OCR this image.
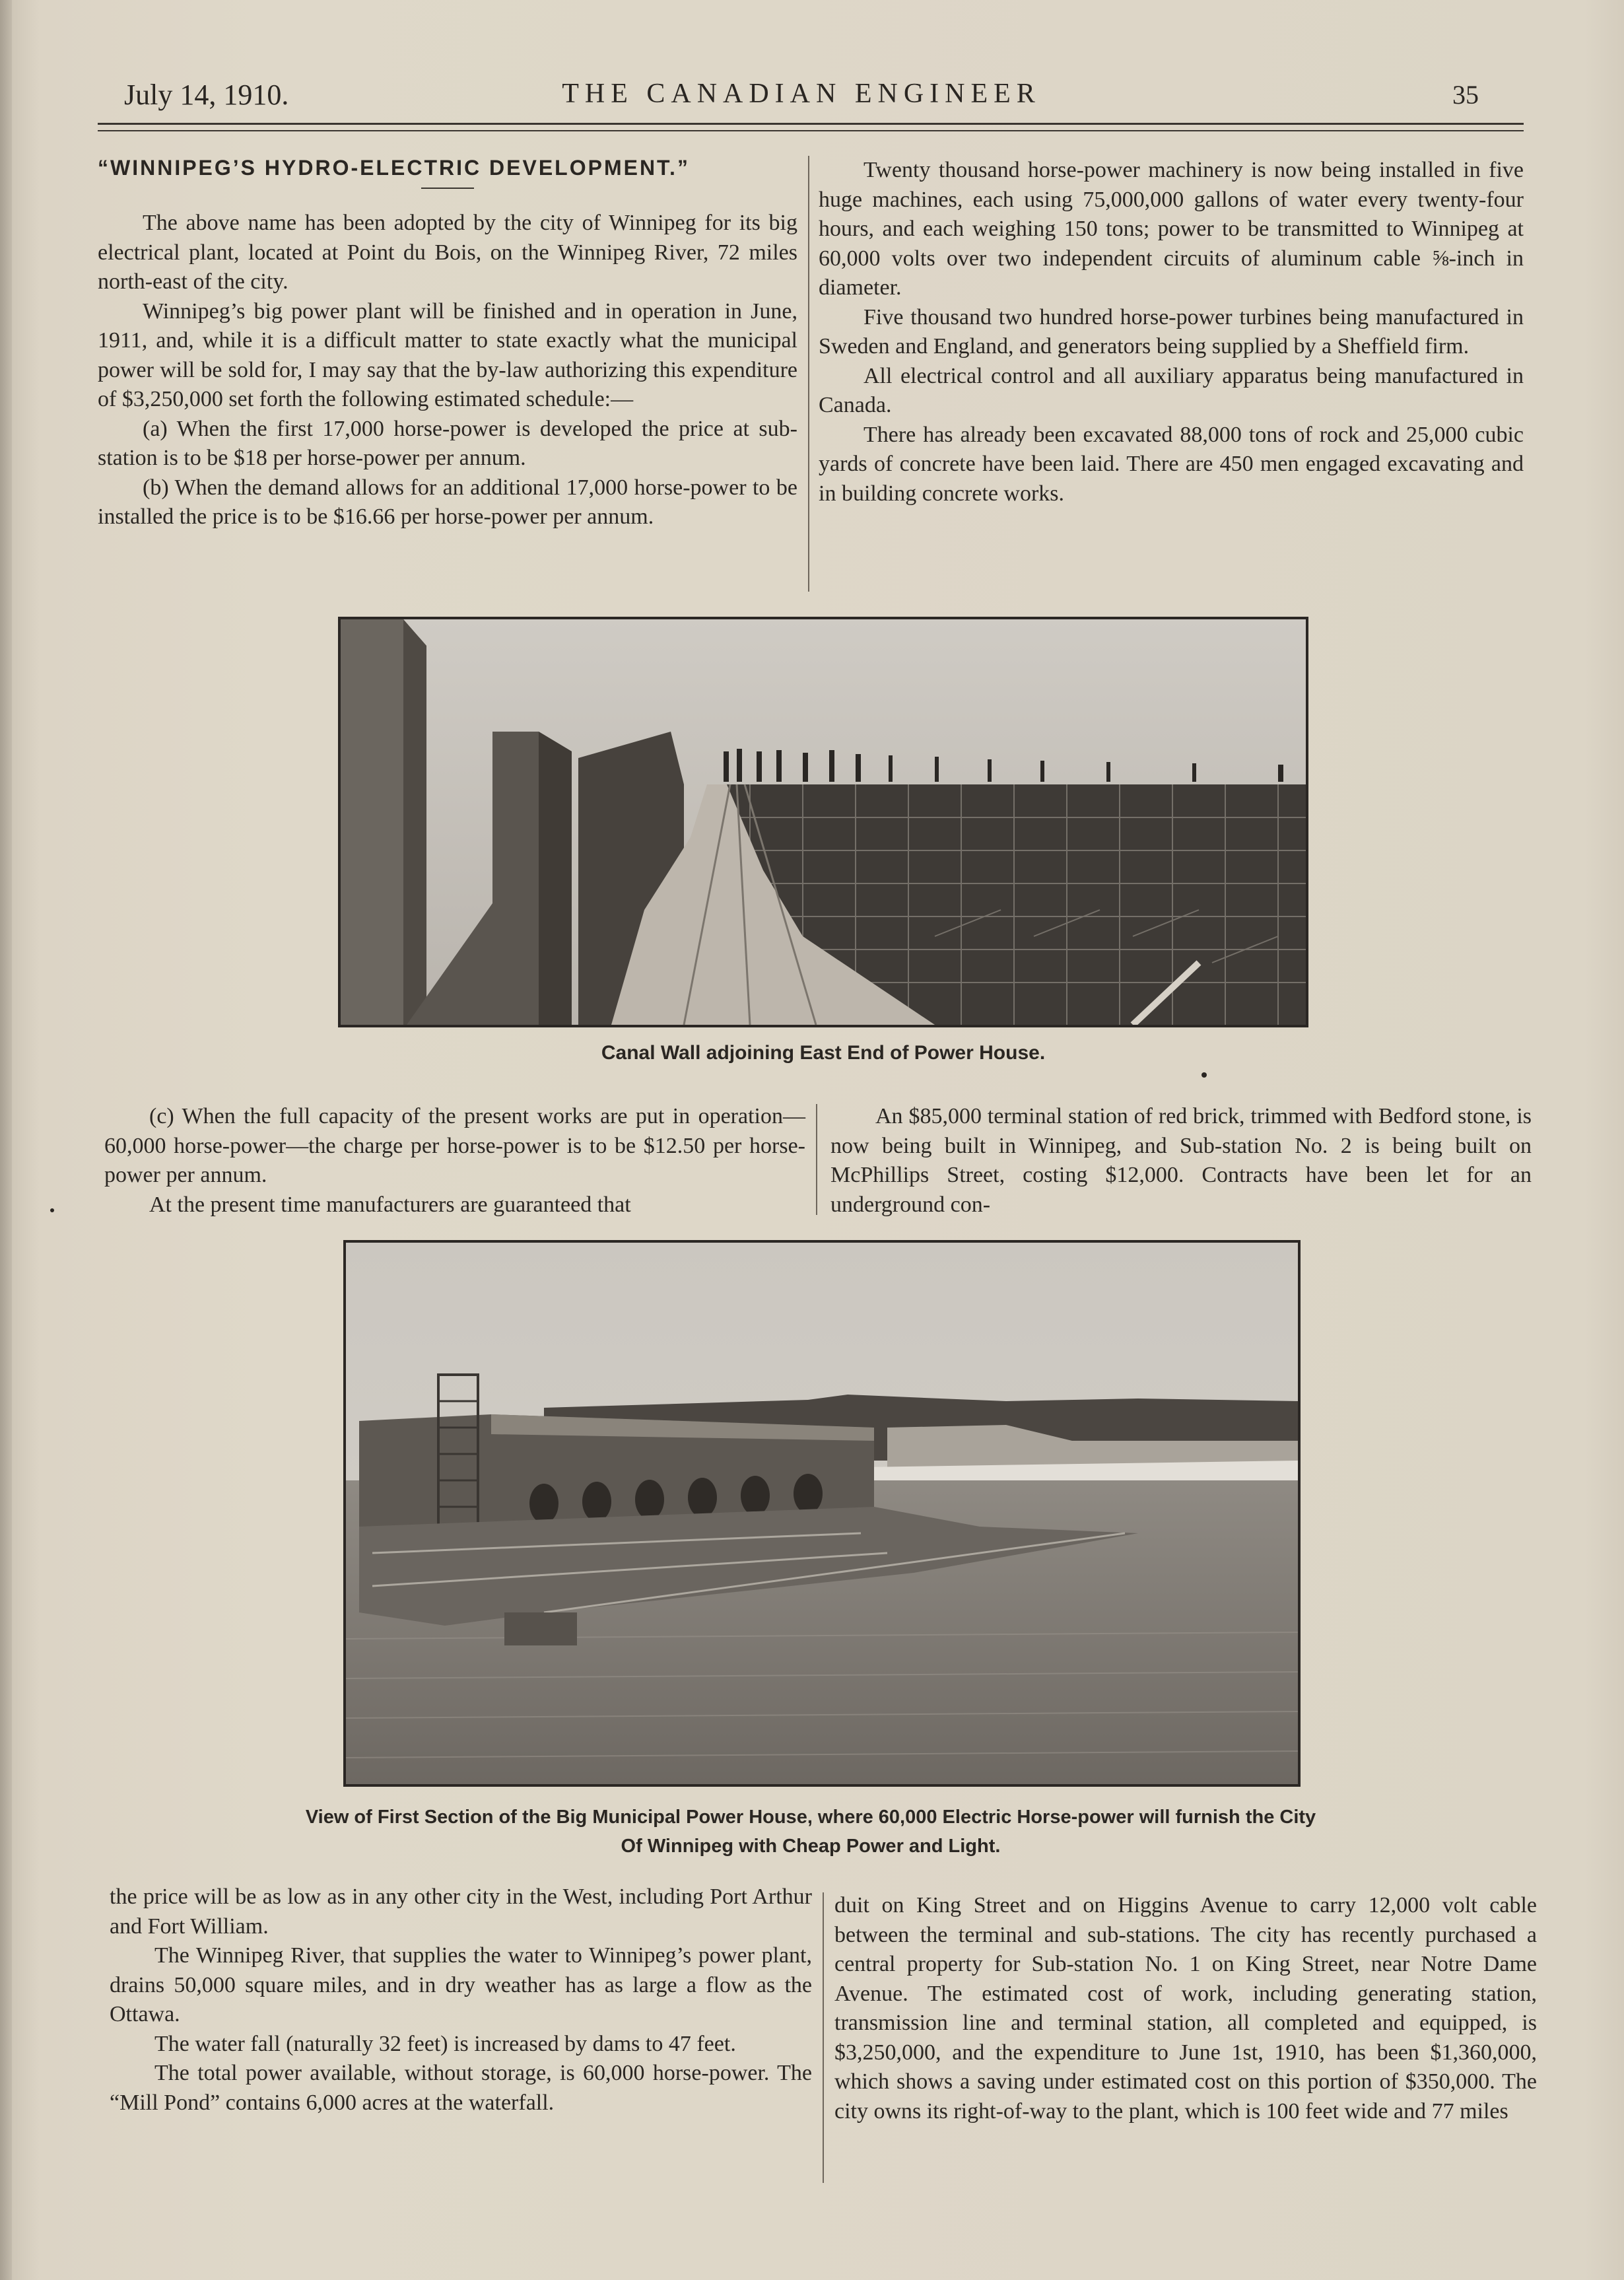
July 14, 1910.	THE CANADIAN ENGINEER	35
“WINNIPEG’S HYDRO-ELECTRIC DEVELOPMENT.”

The above name has been adopted by the city of Winnipeg for its big electrical plant, located at Point du Bois, on the Winnipeg River, 72 miles north-east of the city.

Winnipeg’s big power plant will be finished and in operation in June, 1911, and, while it is a difficult matter to state exactly what the municipal power will be sold for, I may say that the by-law authorizing this expenditure of $3,250,000 set forth the following estimated schedule:—

(a) When the first 17,000 horse-power is developed the price at sub-station is to be $18 per horse-power per annum.

(b) When the demand allows for an additional 17,000 horse-power to be installed the price is to be $16.66 per horse-power per annum.

Twenty thousand horse-power machinery is now being installed in five huge machines, each using 75,000,000 gallons of water every twenty-four hours, and each weighing 150 tons; power to be transmitted to Winnipeg at 60,000 volts over two independent circuits of aluminum cable ⅝-inch in diameter.

Five thousand two hundred horse-power turbines being manufactured in Sweden and England, and generators being supplied by a Sheffield firm.

All electrical control and all auxiliary apparatus being manufactured in Canada.

There has already been excavated 88,000 tons of rock and 25,000 cubic yards of concrete have been laid. There are 450 men engaged excavating and in building concrete works.

Canal Wall adjoining East End of Power House.

(c) When the full capacity of the present works are put in operation—60,000 horse-power—the charge per horse-power is to be $12.50 per horse-power per annum.

At the present time manufacturers are guaranteed that

An $85,000 terminal station of red brick, trimmed with Bedford stone, is now being built in Winnipeg, and Sub-station No. 2 is being built on McPhillips Street, costing $12,000. Contracts have been let for an underground con-

View of First Section of the Big Municipal Power House, where 60,000 Electric Horse-power will furnish the City
Of Winnipeg with Cheap Power and Light.

the price will be as low as in any other city in the West, including Port Arthur and Fort William.

The Winnipeg River, that supplies the water to Winnipeg’s power plant, drains 50,000 square miles, and in dry weather has as large a flow as the Ottawa.

The water fall (naturally 32 feet) is increased by dams to 47 feet.

The total power available, without storage, is 60,000 horse-power. The “Mill Pond” contains 6,000 acres at the waterfall.

duit on King Street and on Higgins Avenue to carry 12,000 volt cable between the terminal and sub-stations. The city has recently purchased a central property for Sub-station No. 1 on King Street, near Notre Dame Avenue. The estimated cost of work, including generating station, transmission line and terminal station, all completed and equipped, is $3,250,000, and the expenditure to June 1st, 1910, has been $1,360,000, which shows a saving under estimated cost on this portion of $350,000. The city owns its right-of-way to the plant, which is 100 feet wide and 77 miles
